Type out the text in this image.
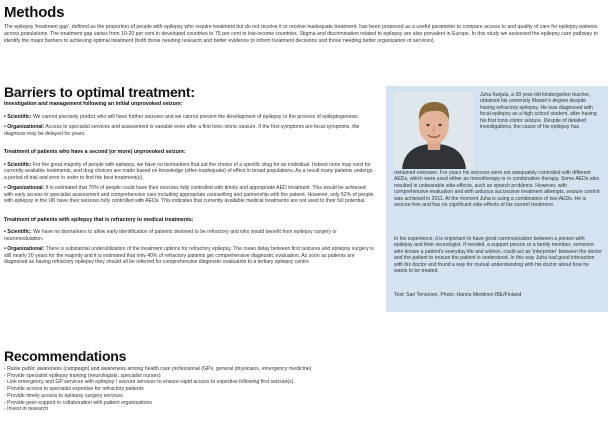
Methods
The epilepsy 'treatment gap', defined as the proportion of people with epilepsy who require treatment but do not receive it or receive inadequate treatment, has been proposed as a useful parameter to compare access to and quality of care for epilepsy patients across populations. The treatment gap varies from 10-20 per cent in developed countries to 75 per cent in low-income countries. Stigma and discrimination related to epilepsy are also prevalent in Europe. In this study we assessed the epilepsy care pathway to identify the major barriers to achieving optimal treatment (both those needing research and better evidence to inform treatment decisions and those needing better organization of services).
Barriers to optimal treatment:
Investigation and management following an initial unprovoked seizure:
• Scientific: We cannot precisely predict who will have further seizures and we cannot prevent the development of epilepsy or the process of epileptogenesis.
• Organizational: Access to specialist services and assessment is variable even after a first tonic-clonic seizure. If the first symptoms are focal symptoms, the diagnosis may be delayed for years.
Treatment of patients who have a second (or more) unprovoked seizure:
• Scientific: For the great majority of people with epilepsy, we have no biomarkers that aid the choice of a specific drug for an individual. Indeed none may exist for currently available treatments, and drug choices are made based on knowledge (often inadequate) of effect in broad populations. As a result many patients undergo a period of trial and error in order to find the best treatment(s).
• Organizational: It is estimated that 70% of people could have their seizures fully controlled with timely and appropriate AED treatment. This would be achieved with early access to specialist assessment and comprehensive care including appropriate counselling and partnership with the patient. However, only 52% of people with epilepsy in the UK have their seizures fully controlled with AEDs. This indicates that currently available medical treatments are not used to their full potential.
Treatment of patients with epilepsy that is refractory to medical treatments:
• Scientific: We have no biomarkers to allow early identification of patients destined to be refractory and who would benefit from epilepsy surgery or neuromodulation.
• Organizational: There is substantial underutilization of the treatment options for refractory epilepsy. The mean delay between first seizures and epilepsy surgery is still nearly 20 years for the majority and it is estimated that only 40% of refractory patients get comprehensive diagnostic evaluation. As soon as patients are diagnosed as having refractory epilepsy they should all be referred for comprehensive diagnostic evaluation to a tertiary epilepsy centre
Juha Karjula, a 38 year-old kindergarten teacher, obtained his university Master's degree despite having refractory epilepsy. He was diagnosed with focal epilepsy as a high school student, after having his first tonic-clonic seizure. Despite of detailed investigations, the cause of his epilepsy has
remained unknown. For years his seizures were not adequately controlled with different AEDs, which were used either as monotherapy or in combination therapy. Some AEDs also resulted in unbearable side-effects, such as speech problems. However, with comprehensive evaluation and with arduous successive treatment attempts, seizure control was achieved in 2011. At the moment Juha is using a combination of two AEDs. He is seizure-free and has no significant side-effects of his current treatment.
In his experience, it is important to have good communication between a person with epilepsy and their neurologist. If needed, a support person or a family member, someone who knows a patient's everyday life and wishes, could act as 'interpreter' between the doctor and the patient to ensure the patient is understood. In this way Juha had good interaction with his doctor and found a way for mutual understanding with his doctor about how he wants to be treated.
Text: Sari Tervonen, Photo: Hannu Miettinen IBE/Finland
Recommendations
- Raise public awareness (campaign) and awareness among health care professional (GPs, general physicians, emergency medicine)
- Provide specialist epilepsy training (neurologists, specialist nurses)
- Link emergency and GP services with epilepsy / seizure services to ensure rapid access to expertise following first seizure(s).
- Provide access to specialist expertise for refractory patients
- Provide timely access to epilepsy surgery services
- Provide peer-support in collaboration with patient organizations
- Invest in research
